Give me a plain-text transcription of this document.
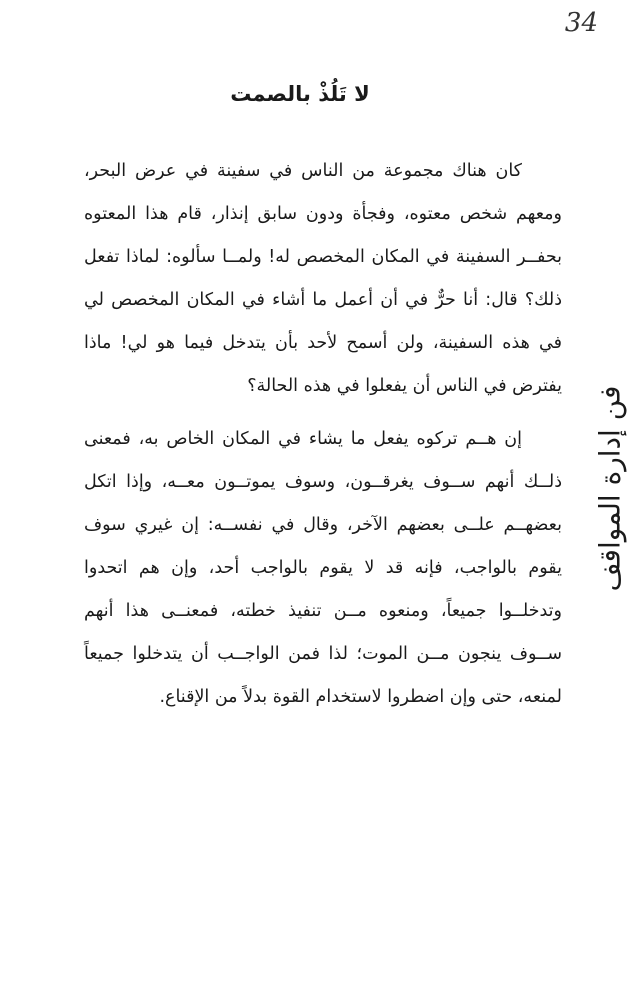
34
فن إدارة المواقف
لا تَلُذْ بالصمت
كان هناك مجموعة من الناس في سفينة في عرض البحر،
ومعهم شخص معتوه، وفجأة ودون سابق إنذار، قام هذا المعتوه
بحفــر السفينة في المكان المخصص له! ولمــا سألوه: لماذا تفعل
ذلك؟ قال: أنا حرٌّ في أن أعمل ما أشاء في المكان المخصص لي
في هذه السفينة، ولن أسمح لأحد بأن يتدخل فيما هو لي! ماذا
يفترض في الناس أن يفعلوا في هذه الحالة؟
إن هــم تركوه يفعل ما يشاء في المكان الخاص به، فمعنى
ذلــك أنهم ســوف يغرقــون، وسوف يموتــون معــه، وإذا اتكل
بعضهــم علــى بعضهم الآخر، وقال في نفســه: إن غيري سوف
يقوم بالواجب، فإنه قد لا يقوم بالواجب أحد، وإن هم اتحدوا
وتدخلــوا جميعاً، ومنعوه مــن تنفيذ خطته، فمعنــى هذا أنهم
ســوف ينجون مــن الموت؛ لذا فمن الواجــب أن يتدخلوا جميعاً
لمنعه، حتى وإن اضطروا لاستخدام القوة بدلاً من الإقناع.
